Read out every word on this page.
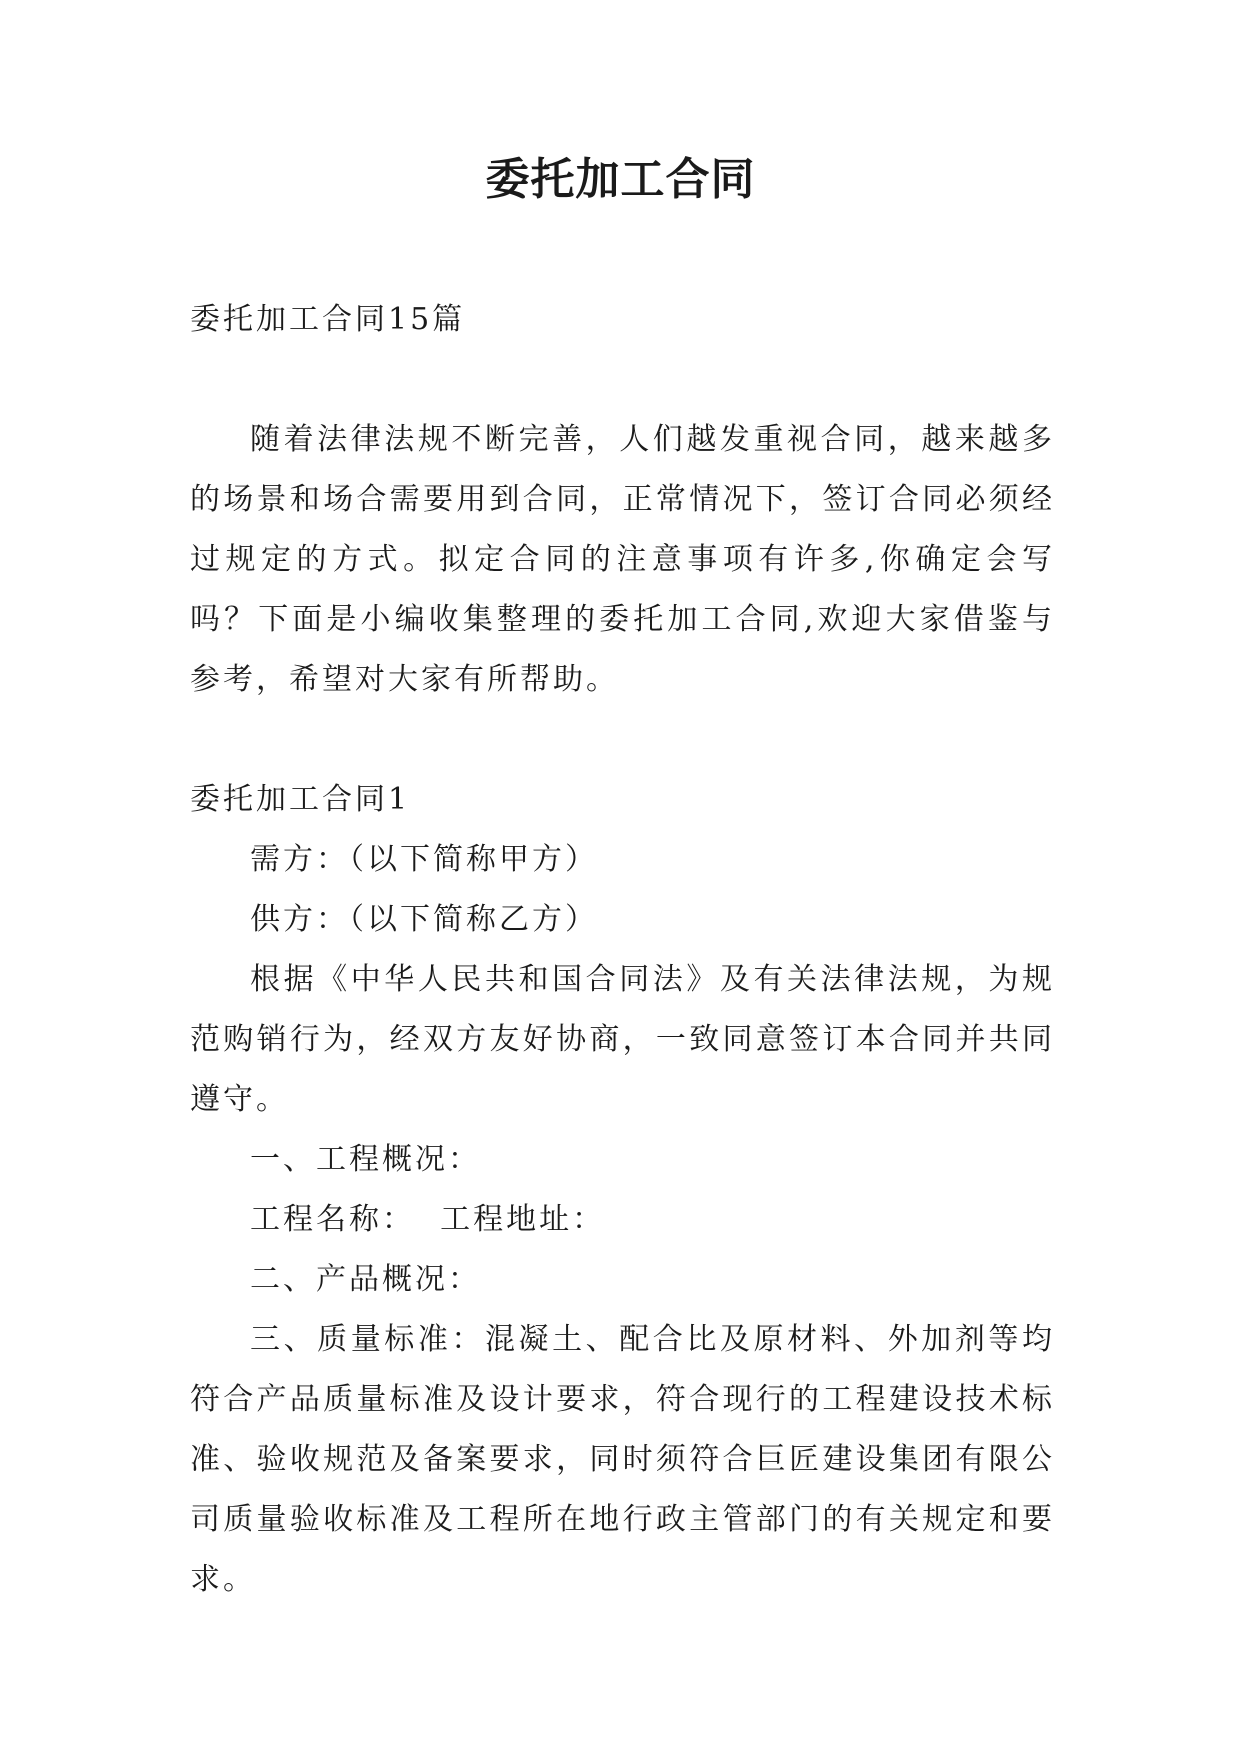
委托加工合同

委托加工合同15篇

随着法律法规不断完善，人们越发重视合同，越来越多的场景和场合需要用到合同，正常情况下，签订合同必须经过规定的方式。拟定合同的注意事项有许多,你确定会写吗？下面是小编收集整理的委托加工合同,欢迎大家借鉴与参考，希望对大家有所帮助。

委托加工合同1

需方：（以下简称甲方）

供方：（以下简称乙方）

根据《中华人民共和国合同法》及有关法律法规，为规范购销行为，经双方友好协商，一致同意签订本合同并共同遵守。

一、工程概况：

工程名称：  工程地址：

二、产品概况：

三、质量标准：混凝土、配合比及原材料、外加剂等均符合产品质量标准及设计要求，符合现行的工程建设技术标准、验收规范及备案要求，同时须符合巨匠建设集团有限公司质量验收标准及工程所在地行政主管部门的有关规定和要求。
